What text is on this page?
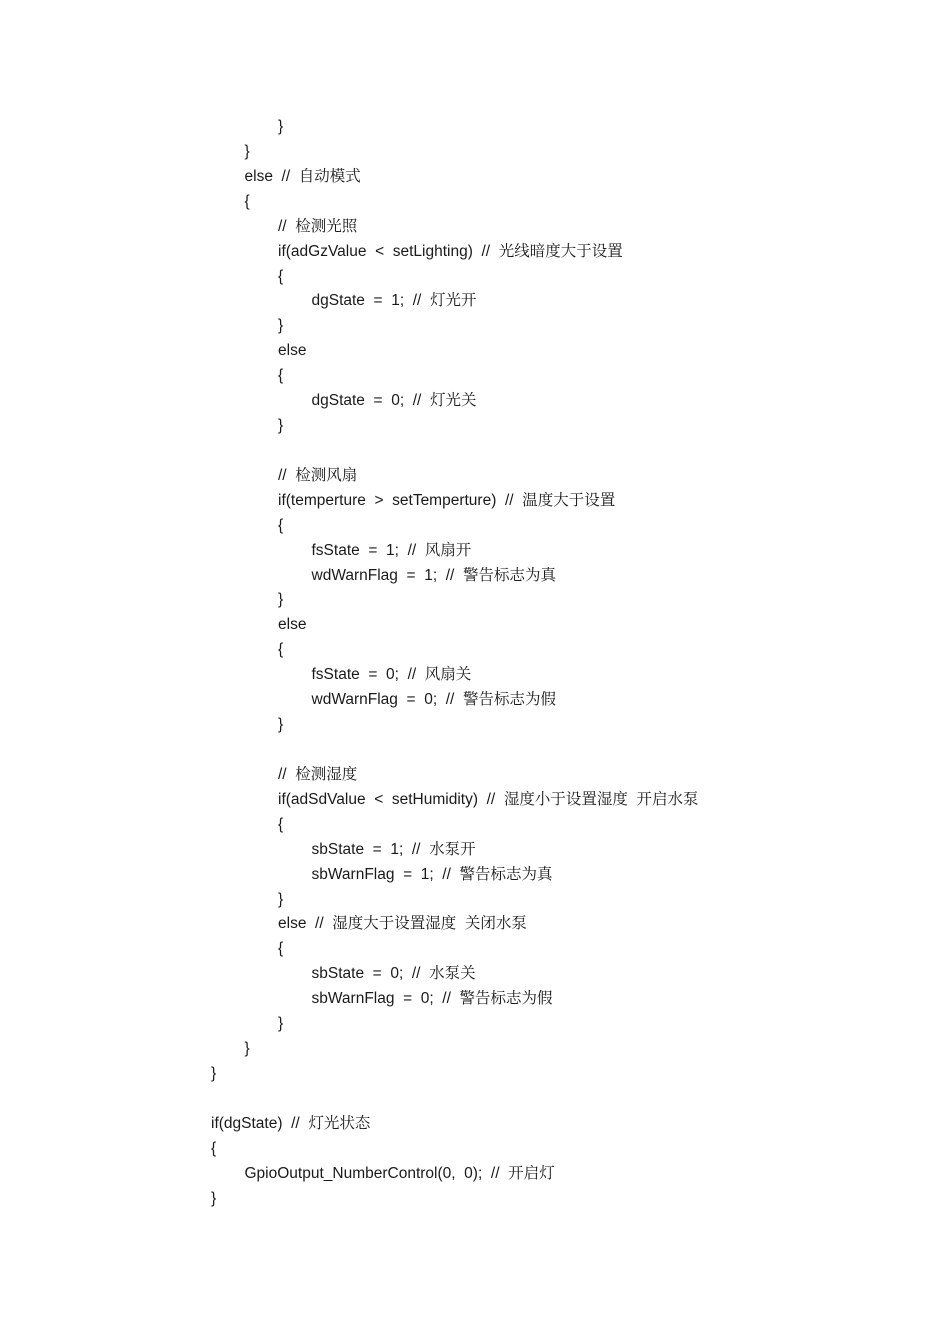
}
}
else  //  自动模式
{
//  检测光照
if(adGzValue  <  setLighting)  //  光线暗度大于设置
{
dgState  =  1;  //  灯光开
}
else
{
dgState  =  0;  //  灯光关
}
//  检测风扇
if(temperture  >  setTemperture)  //  温度大于设置
{
fsState  =  1;  //  风扇开
wdWarnFlag  =  1;  //  警告标志为真
}
else
{
fsState  =  0;  //  风扇关
wdWarnFlag  =  0;  //  警告标志为假
}
//  检测湿度
if(adSdValue  <  setHumidity)  //  湿度小于设置湿度  开启水泵
{
sbState  =  1;  //  水泵开
sbWarnFlag  =  1;  //  警告标志为真
}
else  //  湿度大于设置湿度  关闭水泵
{
sbState  =  0;  //  水泵关
sbWarnFlag  =  0;  //  警告标志为假
}
}
}
if(dgState)  //  灯光状态
{
GpioOutput_NumberControl(0,  0);  //  开启灯
}
